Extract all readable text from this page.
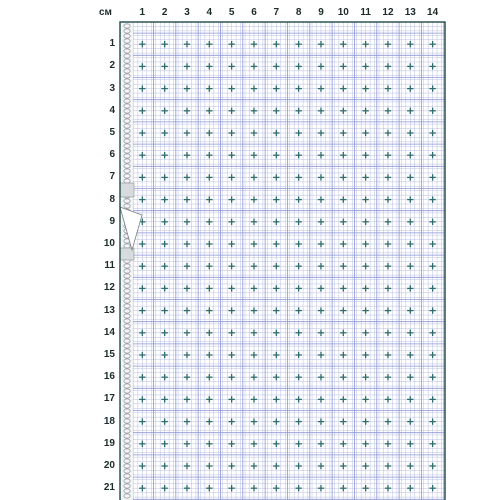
см	1 2 3 4 5 6 7 8 9 10 11 12 13 14
1
2
3
4
5
6
7
8
9
10
11
12
13
14
15
16
17
18
19
20
21
